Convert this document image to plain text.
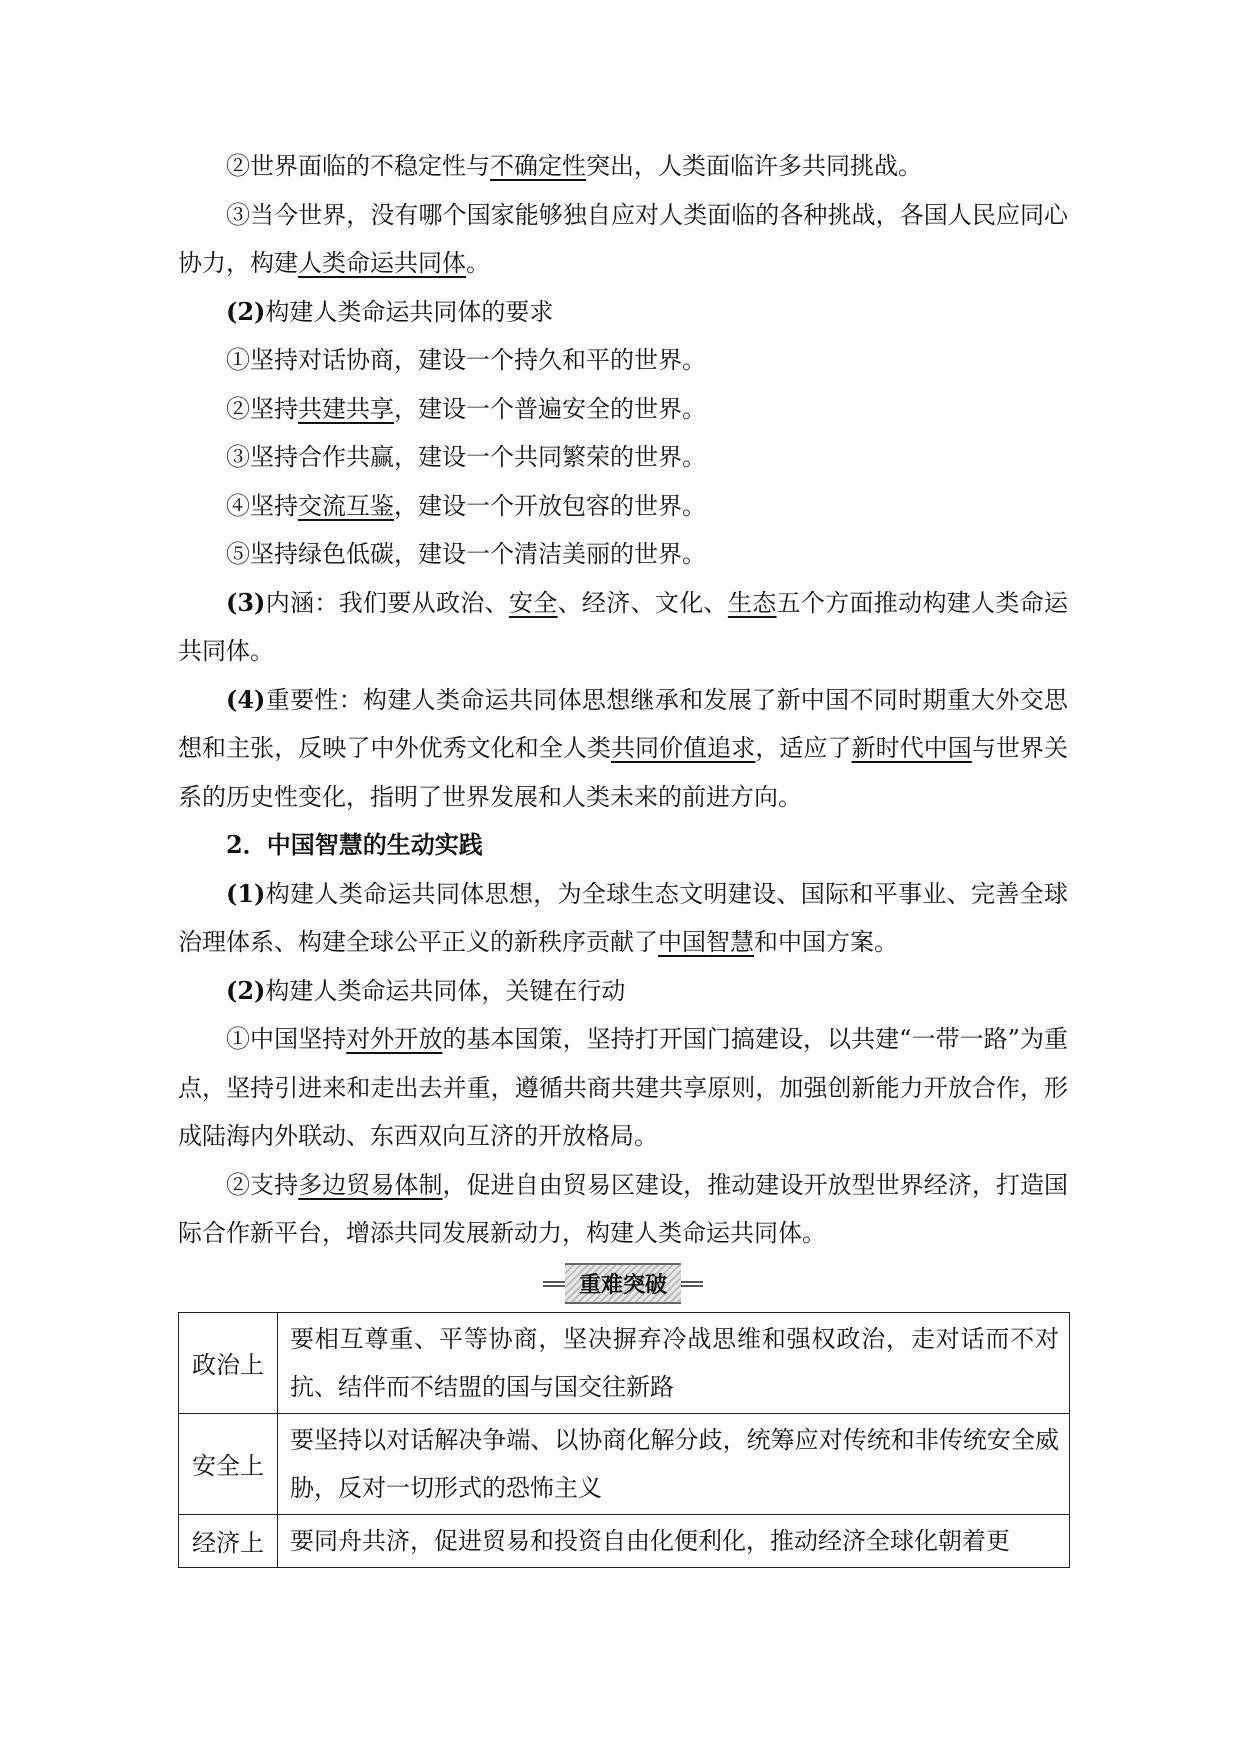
②世界面临的不稳定性与不确定性突出，人类面临许多共同挑战。

③当今世界，没有哪个国家能够独自应对人类面临的各种挑战，各国人民应同心协力，构建人类命运共同体。

(2)构建人类命运共同体的要求

①坚持对话协商，建设一个持久和平的世界。

②坚持共建共享，建设一个普遍安全的世界。

③坚持合作共赢，建设一个共同繁荣的世界。

④坚持交流互鉴，建设一个开放包容的世界。

⑤坚持绿色低碳，建设一个清洁美丽的世界。

(3)内涵：我们要从政治、安全、经济、文化、生态五个方面推动构建人类命运共同体。

(4)重要性：构建人类命运共同体思想继承和发展了新中国不同时期重大外交思想和主张，反映了中外优秀文化和全人类共同价值追求，适应了新时代中国与世界关系的历史性变化，指明了世界发展和人类未来的前进方向。

2．中国智慧的生动实践

(1)构建人类命运共同体思想，为全球生态文明建设、国际和平事业、完善全球治理体系、构建全球公平正义的新秩序贡献了中国智慧和中国方案。

(2)构建人类命运共同体，关键在行动

①中国坚持对外开放的基本国策，坚持打开国门搞建设，以共建“一带一路”为重点，坚持引进来和走出去并重，遵循共商共建共享原则，加强创新能力开放合作，形成陆海内外联动、东西双向互济的开放格局。

②支持多边贸易体制，促进自由贸易区建设，推动建设开放型世界经济，打造国际合作新平台，增添共同发展新动力，构建人类命运共同体。

重难突破
政治上	要相互尊重、平等协商，坚决摒弃冷战思维和强权政治，走对话而不对抗、结伴而不结盟的国与国交往新路
安全上	要坚持以对话解决争端、以协商化解分歧，统筹应对传统和非传统安全威胁，反对一切形式的恐怖主义
经济上	要同舟共济，促进贸易和投资自由化便利化，推动经济全球化朝着更
